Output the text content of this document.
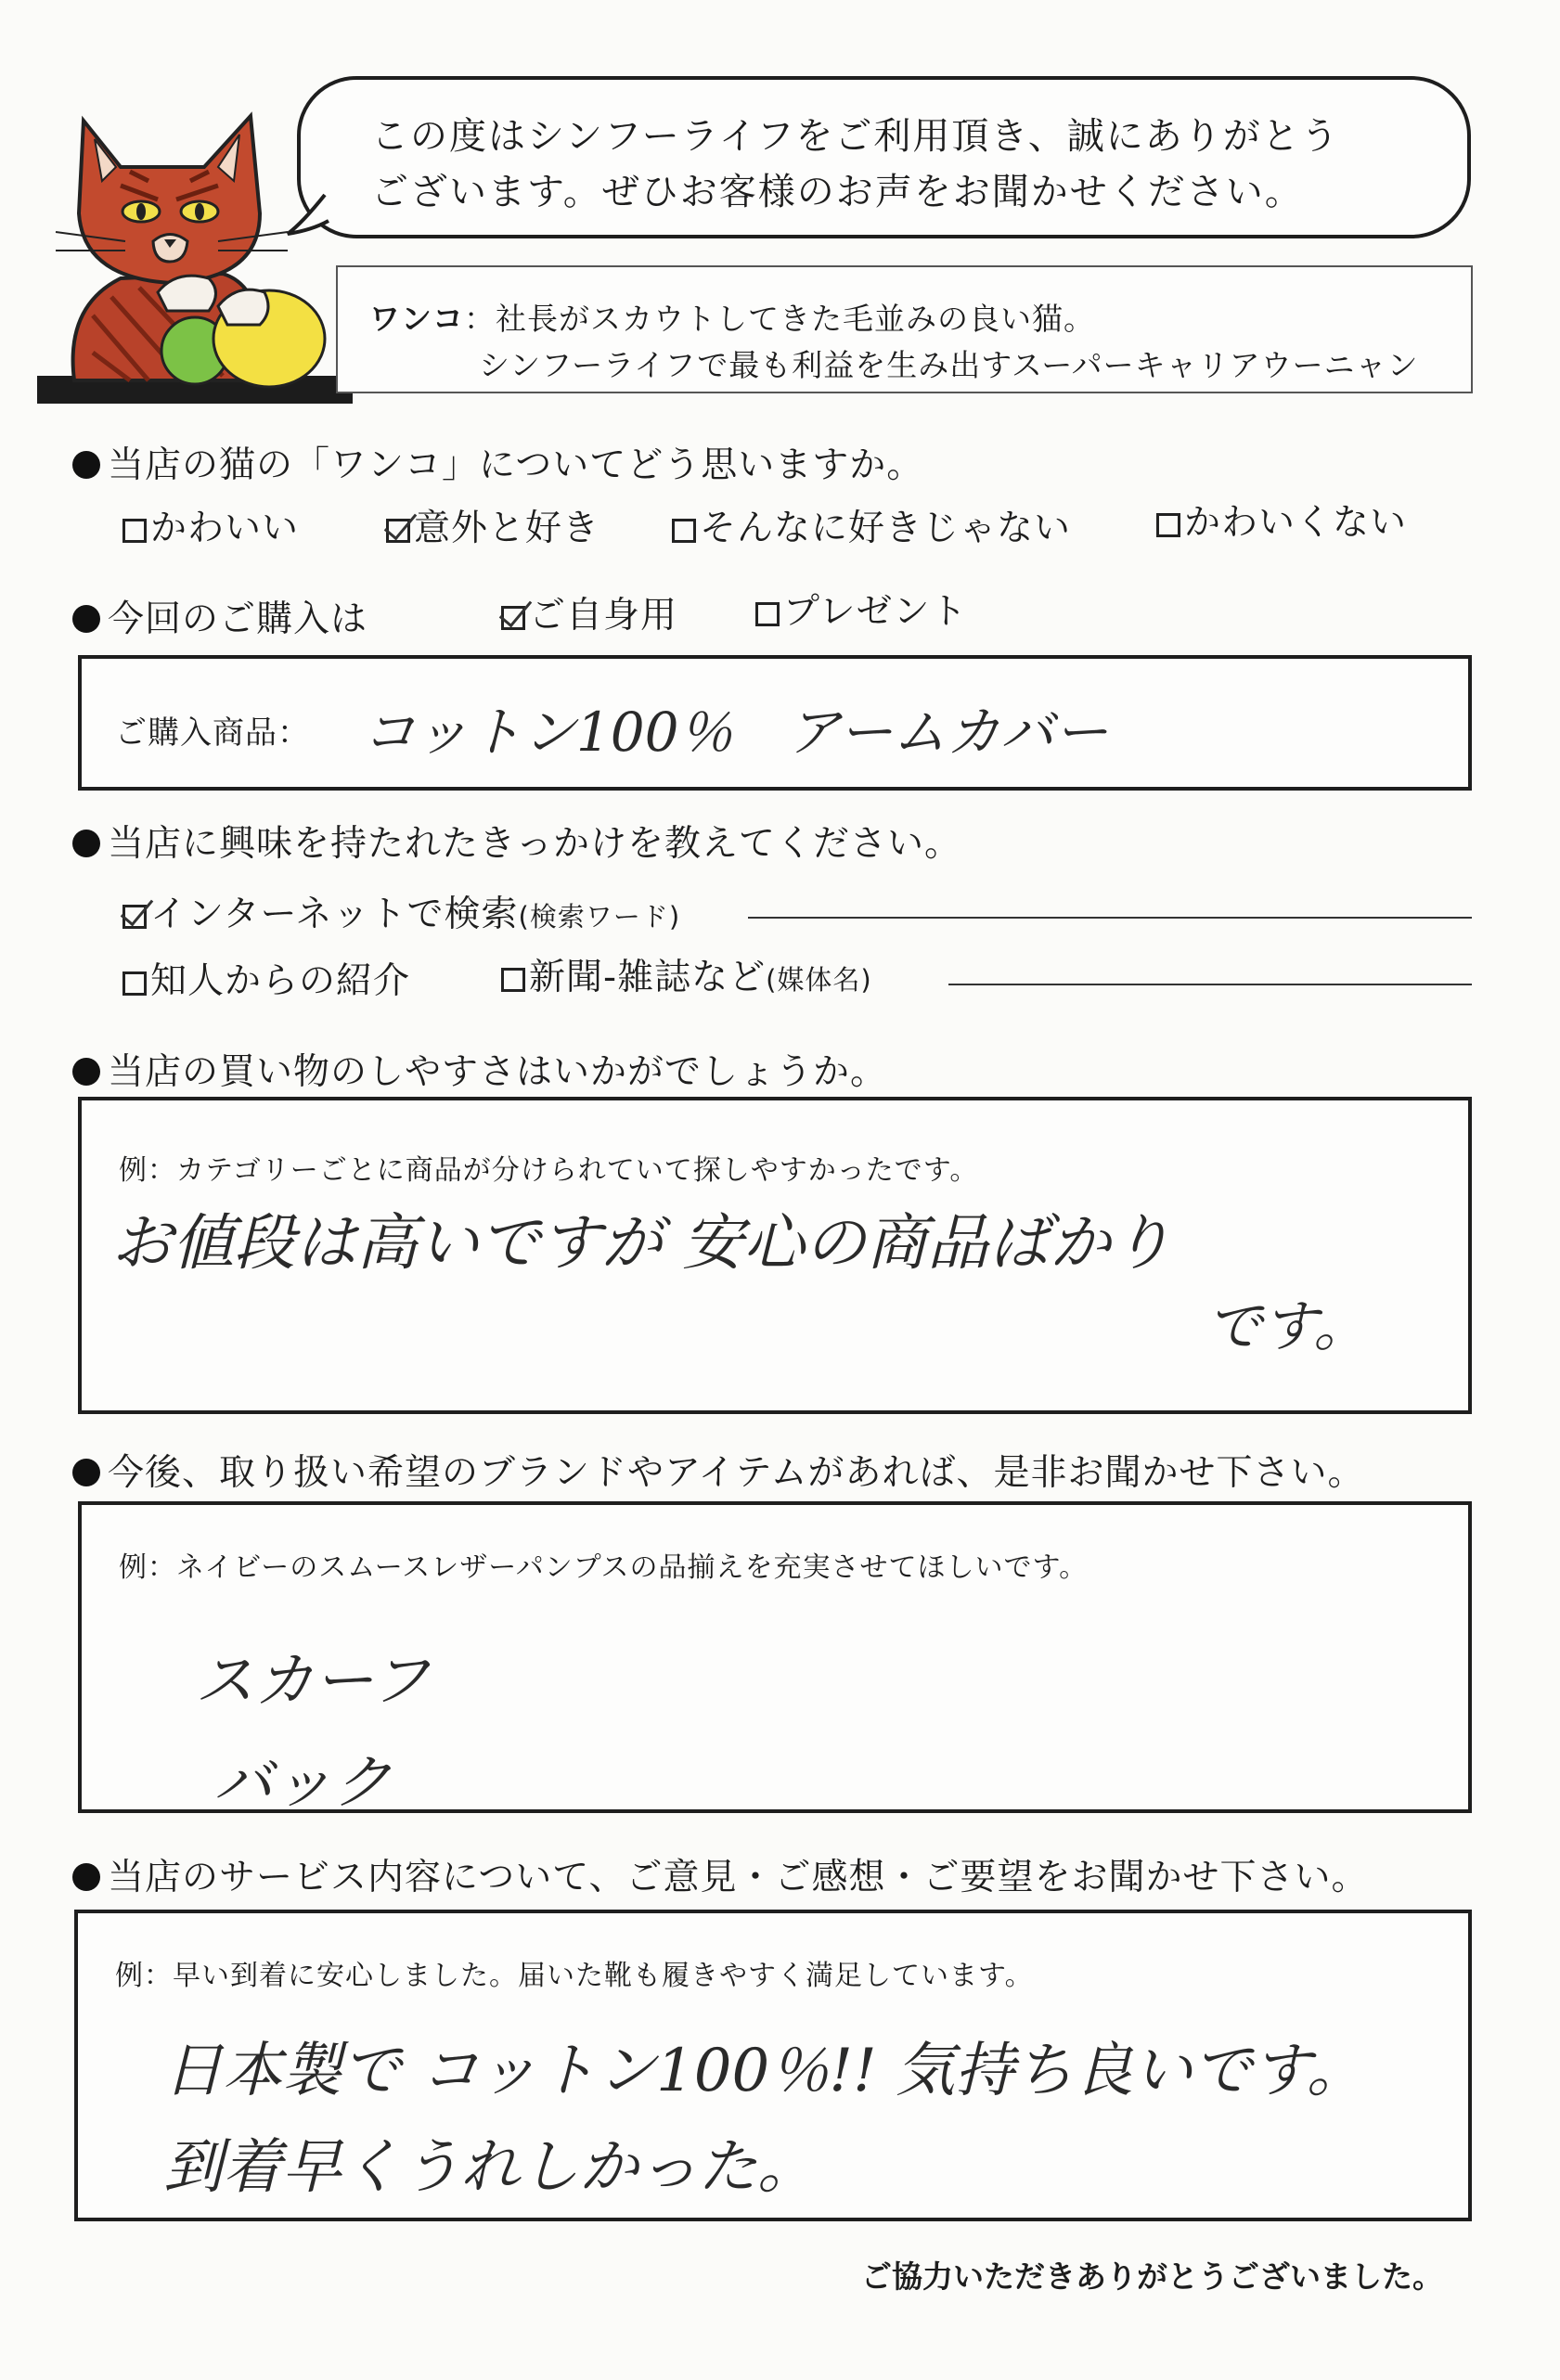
この度はシンフーライフをご利用頂き、誠にありがとう
ございます。ぜひお客様のお声をお聞かせください。
ワンコ：社長がスカウトしてきた毛並みの良い猫。
シンフーライフで最も利益を生み出すスーパーキャリアウーニャン
当店の猫の「ワンコ」についてどう思いますか。
かわいい	意外と好き	そんなに好きじゃない	かわいくない
今回のご購入は	ご自身用	プレゼント
ご購入商品： コットン100％　アームカバー
当店に興味を持たれたきっかけを教えてください。
インターネットで検索(検索ワード)
知人からの紹介	新聞-雑誌など(媒体名)
当店の買い物のしやすさはいかがでしょうか。
例：カテゴリーごとに商品が分けられていて探しやすかったです。
お値段は高いですが 安心の商品ばかり
です。
今後、取り扱い希望のブランドやアイテムがあれば、是非お聞かせ下さい。
例：ネイビーのスムースレザーパンプスの品揃えを充実させてほしいです。
スカーフ
バック
当店のサービス内容について、ご意見・ご感想・ご要望をお聞かせ下さい。
例：早い到着に安心しました。届いた靴も履きやすく満足しています。
日本製で コットン100％!! 気持ち良いです。
到着早くうれしかった。
ご協力いただきありがとうございました。
